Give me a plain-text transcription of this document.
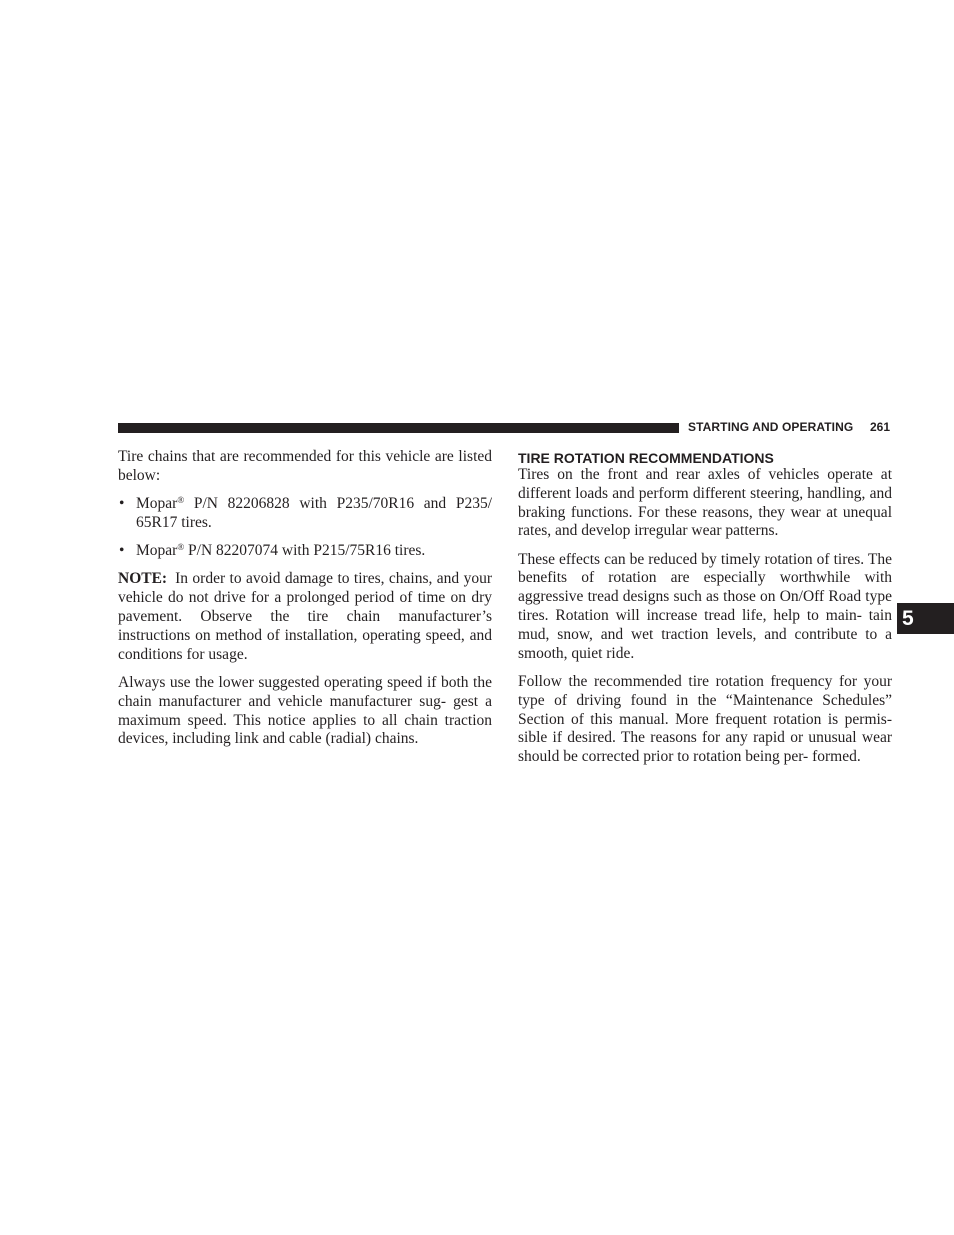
STARTING AND OPERATING 261
5

Tire chains that are recommended for this vehicle are listed below:

• Mopar® P/N 82206828 with P235/70R16 and P235/ 65R17 tires.
• Mopar® P/N 82207074 with P215/75R16 tires.

NOTE: In order to avoid damage to tires, chains, and your vehicle do not drive for a prolonged period of time on dry pavement. Observe the tire chain manufacturer’s instructions on method of installation, operating speed, and conditions for usage.

Always use the lower suggested operating speed if both the chain manufacturer and vehicle manufacturer sug- gest a maximum speed. This notice applies to all chain traction devices, including link and cable (radial) chains.

TIRE ROTATION RECOMMENDATIONS

Tires on the front and rear axles of vehicles operate at different loads and perform different steering, handling, and braking functions. For these reasons, they wear at unequal rates, and develop irregular wear patterns.

These effects can be reduced by timely rotation of tires. The benefits of rotation are especially worthwhile with aggressive tread designs such as those on On/Off Road type tires. Rotation will increase tread life, help to main- tain mud, snow, and wet traction levels, and contribute to a smooth, quiet ride.

Follow the recommended tire rotation frequency for your type of driving found in the “Maintenance Schedules” Section of this manual. More frequent rotation is permis- sible if desired. The reasons for any rapid or unusual wear should be corrected prior to rotation being per- formed.
